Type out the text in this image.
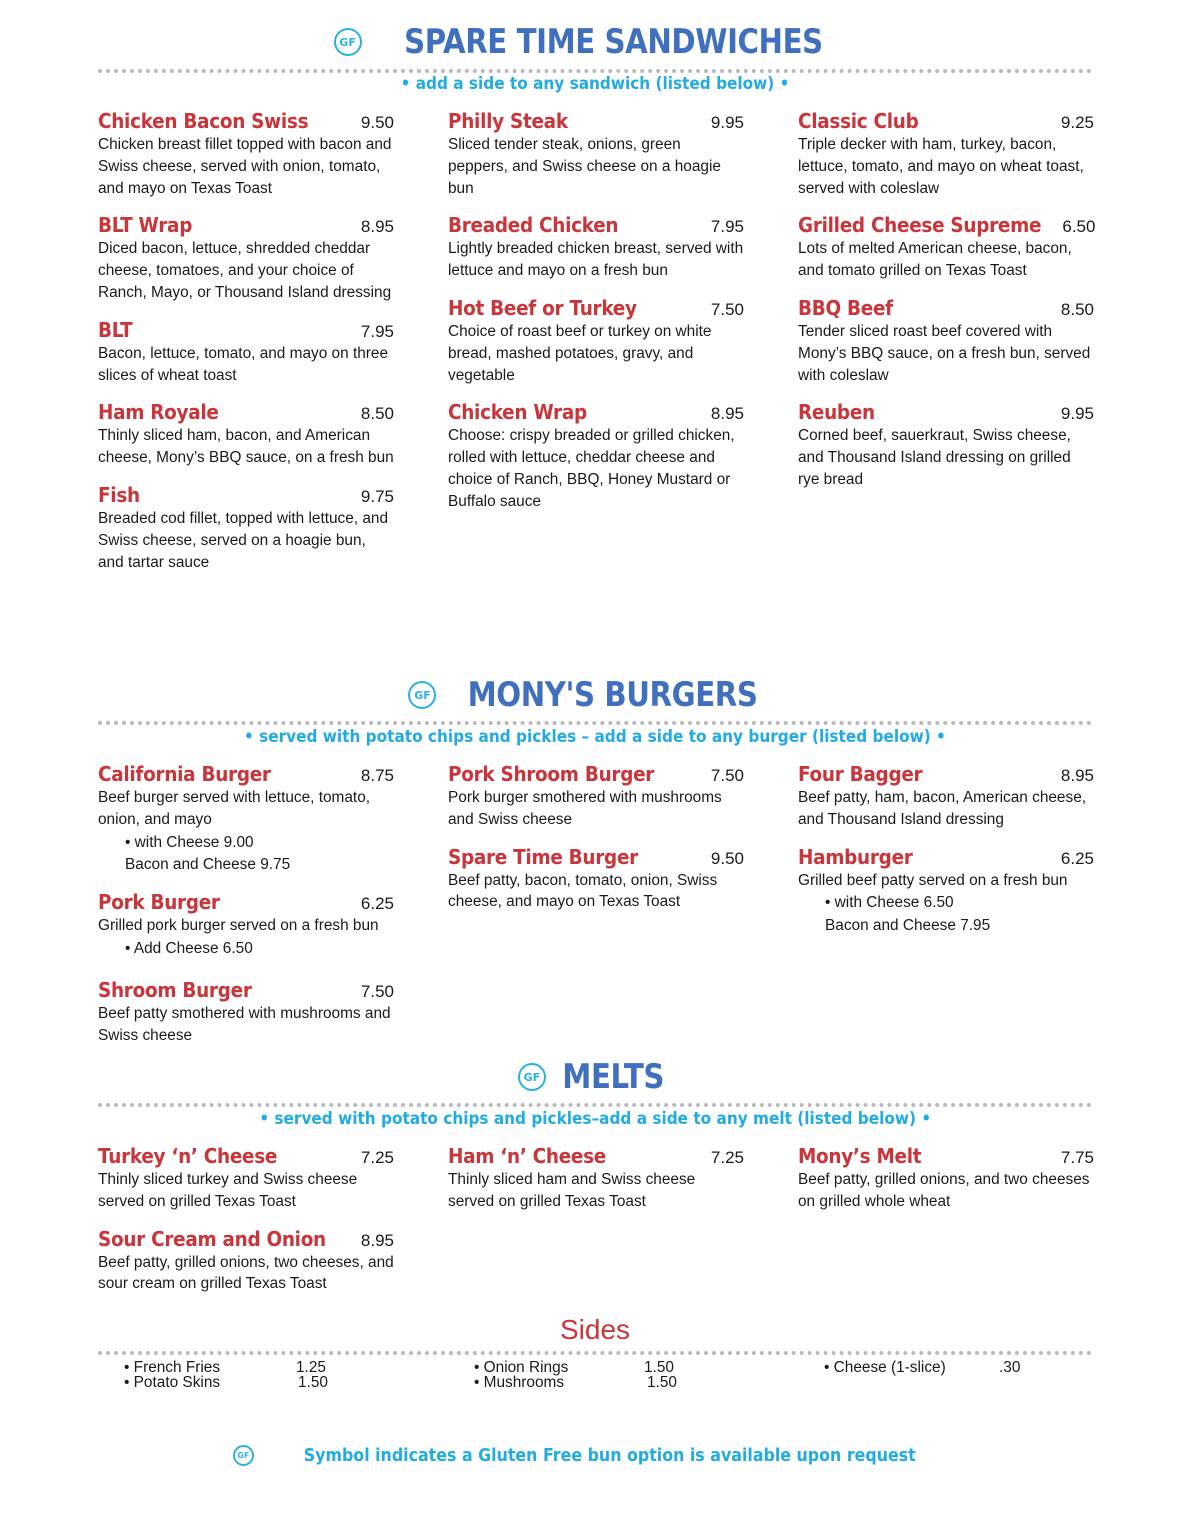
GF SPARE TIME SANDWICHES
• add a side to any sandwich (listed below) •
Chicken Bacon Swiss	9.50
Chicken breast fillet topped with bacon and Swiss cheese, served with onion, tomato, and mayo on Texas Toast
BLT Wrap	8.95
Diced bacon, lettuce, shredded cheddar cheese, tomatoes, and your choice of Ranch, Mayo, or Thousand Island dressing
BLT	7.95
Bacon, lettuce, tomato, and mayo on three slices of wheat toast
Ham Royale	8.50
Thinly sliced ham, bacon, and American cheese, Mony’s BBQ sauce, on a fresh bun
Fish	9.75
Breaded cod fillet, topped with lettuce, and Swiss cheese, served on a hoagie bun, and tartar sauce
Philly Steak	9.95
Sliced tender steak, onions, green peppers, and Swiss cheese on a hoagie bun
Breaded Chicken	7.95
Lightly breaded chicken breast, served with lettuce and mayo on a fresh bun
Hot Beef or Turkey	7.50
Choice of roast beef or turkey on white bread, mashed potatoes, gravy, and vegetable
Chicken Wrap	8.95
Choose: crispy breaded or grilled chicken, rolled with lettuce, cheddar cheese and choice of Ranch, BBQ, Honey Mustard or Buffalo sauce
Classic Club	9.25
Triple decker with ham, turkey, bacon, lettuce, tomato, and mayo on wheat toast, served with coleslaw
Grilled Cheese Supreme 6.50
Lots of melted American cheese, bacon, and tomato grilled on Texas Toast
BBQ Beef	8.50
Tender sliced roast beef covered with Mony’s BBQ sauce, on a fresh bun, served with coleslaw
Reuben	9.95
Corned beef, sauerkraut, Swiss cheese, and Thousand Island dressing on grilled rye bread
GF MONY'S BURGERS
• served with potato chips and pickles – add a side to any burger (listed below) •
California Burger	8.75
Beef burger served with lettuce, tomato, onion, and mayo
• with Cheese 9.00
Bacon and Cheese 9.75
Pork Burger	6.25
Grilled pork burger served on a fresh bun
• Add Cheese 6.50
Shroom Burger	7.50
Beef patty smothered with mushrooms and Swiss cheese
Pork Shroom Burger	7.50
Pork burger smothered with mushrooms and Swiss cheese
Spare Time Burger	9.50
Beef patty, bacon, tomato, onion, Swiss cheese, and mayo on Texas Toast
Four Bagger	8.95
Beef patty, ham, bacon, American cheese, and Thousand Island dressing
Hamburger	6.25
Grilled beef patty served on a fresh bun
• with Cheese 6.50
Bacon and Cheese 7.95
GF MELTS
• served with potato chips and pickles–add a side to any melt (listed below) •
Turkey ‘n’ Cheese	7.25
Thinly sliced turkey and Swiss cheese served on grilled Texas Toast
Sour Cream and Onion 8.95
Beef patty, grilled onions, two cheeses, and sour cream on grilled Texas Toast
Ham ‘n’ Cheese	7.25
Thinly sliced ham and Swiss cheese served on grilled Texas Toast
Mony’s Melt	7.75
Beef patty, grilled onions, and two cheeses on grilled whole wheat
Sides
• French Fries	1.25
• Potato Skins	1.50
• Onion Rings	1.50
• Mushrooms	1.50
• Cheese (1-slice)	.30
GF	Symbol indicates a Gluten Free bun option is available upon request
